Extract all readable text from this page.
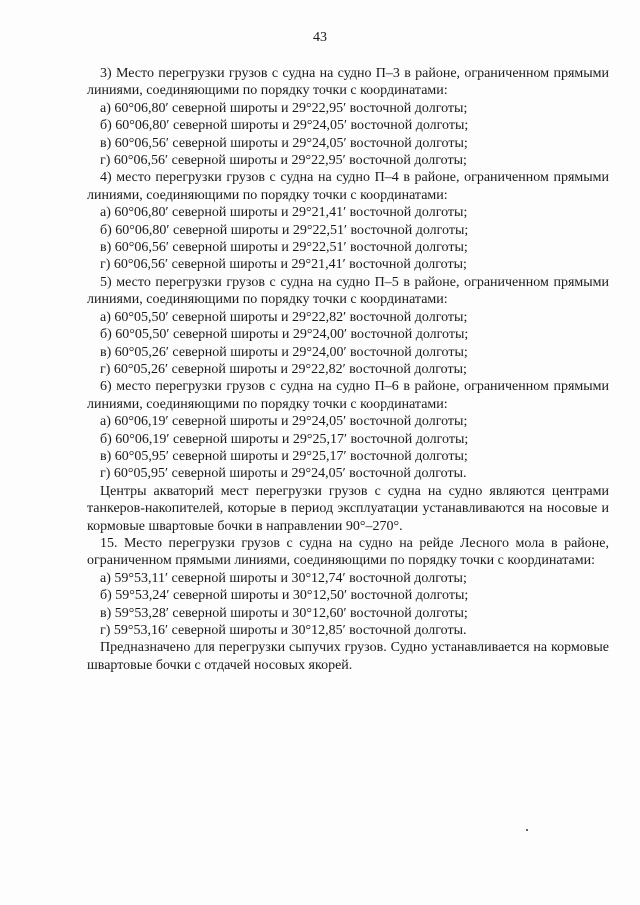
43

3) Место перегрузки грузов с судна на судно П–3 в районе, ограниченном прямыми линиями, соединяющими по порядку точки с координатами:

а) 60°06,80′ северной широты и 29°22,95′ восточной долготы;

б) 60°06,80′ северной широты и 29°24,05′ восточной долготы;

в) 60°06,56′ северной широты и 29°24,05′ восточной долготы;

г) 60°06,56′ северной широты и 29°22,95′ восточной долготы;

4) место перегрузки грузов с судна на судно П–4 в районе, ограниченном прямыми линиями, соединяющими по порядку точки с координатами:

а) 60°06,80′ северной широты и 29°21,41′ восточной долготы;

б) 60°06,80′ северной широты и 29°22,51′ восточной долготы;

в) 60°06,56′ северной широты и 29°22,51′ восточной долготы;

г) 60°06,56′ северной широты и 29°21,41′ восточной долготы;

5) место перегрузки грузов с судна на судно П–5 в районе, ограниченном прямыми линиями, соединяющими по порядку точки с координатами:

а) 60°05,50′ северной широты и 29°22,82′ восточной долготы;

б) 60°05,50′ северной широты и 29°24,00′ восточной долготы;

в) 60°05,26′ северной широты и 29°24,00′ восточной долготы;

г) 60°05,26′ северной широты и 29°22,82′ восточной долготы;

6) место перегрузки грузов с судна на судно П–6 в районе, ограниченном прямыми линиями, соединяющими по порядку точки с координатами:

а) 60°06,19′ северной широты и 29°24,05′ восточной долготы;

б) 60°06,19′ северной широты и 29°25,17′ восточной долготы;

в) 60°05,95′ северной широты и 29°25,17′ восточной долготы;

г) 60°05,95′ северной широты и 29°24,05′ восточной долготы.

Центры акваторий мест перегрузки грузов с судна на судно являются центрами танкеров-накопителей, которые в период эксплуатации устанавливаются на носовые и кормовые швартовые бочки в направлении 90°–270°.

15. Место перегрузки грузов с судна на судно на рейде Лесного мола в районе, ограниченном прямыми линиями, соединяющими по порядку точки с координатами:

а) 59°53,11′ северной широты и 30°12,74′ восточной долготы;

б) 59°53,24′ северной широты и 30°12,50′ восточной долготы;

в) 59°53,28′ северной широты и 30°12,60′ восточной долготы;

г) 59°53,16′ северной широты и 30°12,85′ восточной долготы.

Предназначено для перегрузки сыпучих грузов. Судно устанавливается на кормовые швартовые бочки с отдачей носовых якорей.
